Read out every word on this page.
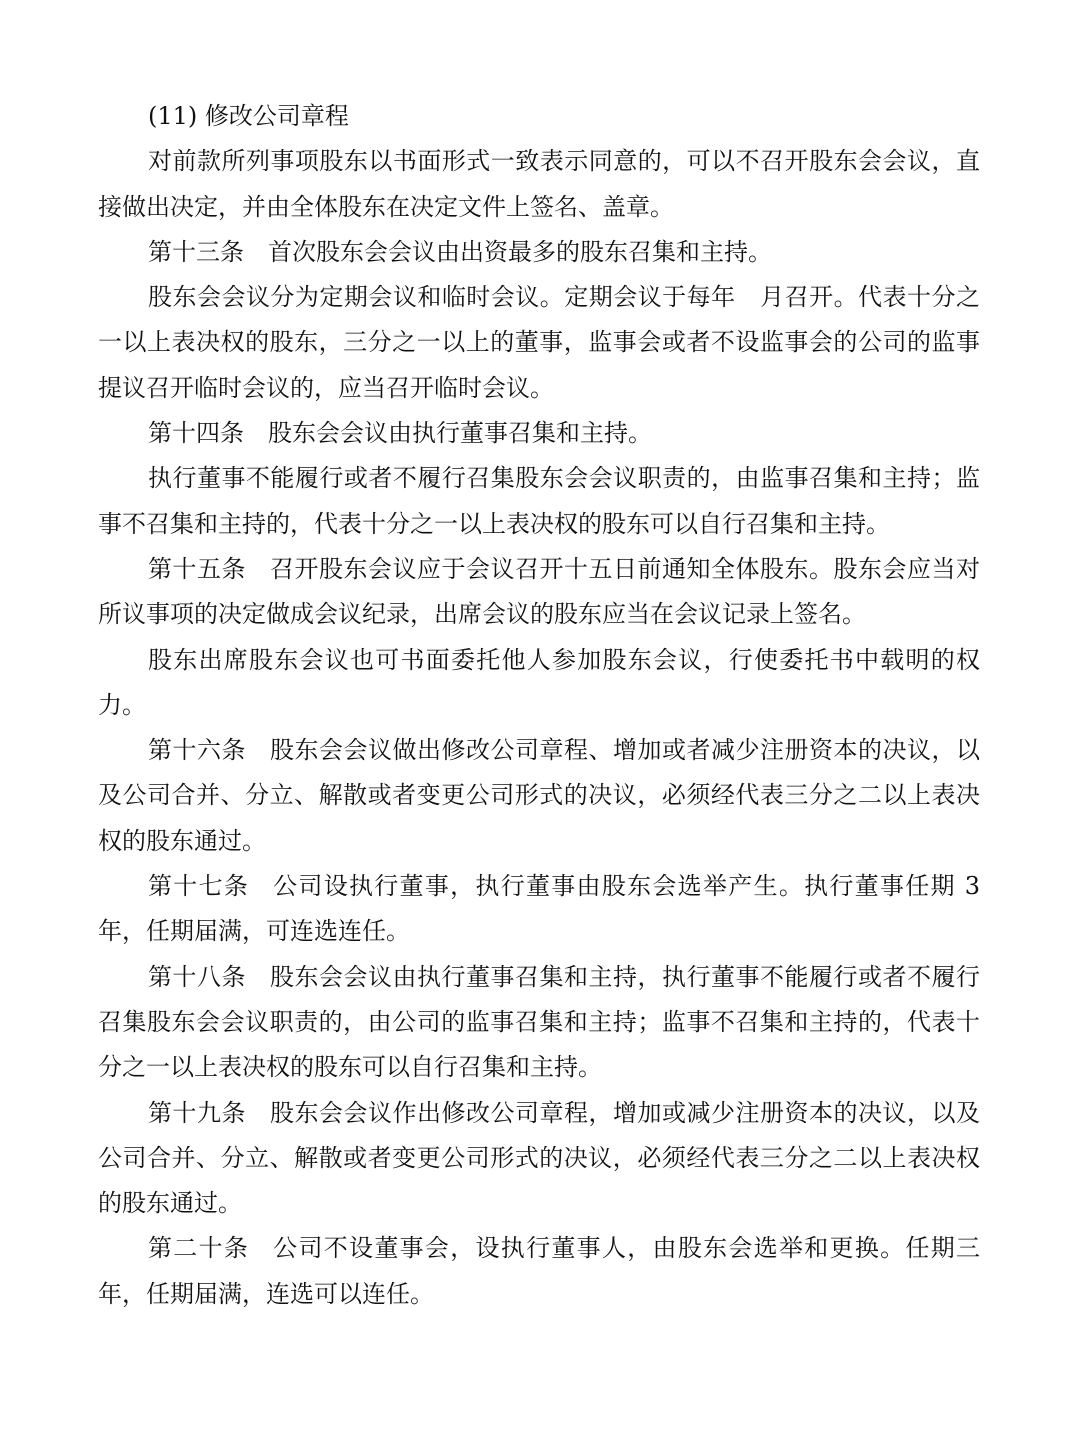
(11) 修改公司章程

对前款所列事项股东以书面形式一致表示同意的，可以不召开股东会会议，直接做出决定，并由全体股东在决定文件上签名、盖章。

第十三条 首次股东会会议由出资最多的股东召集和主持。

股东会会议分为定期会议和临时会议。定期会议于每年　月召开。代表十分之一以上表决权的股东，三分之一以上的董事，监事会或者不设监事会的公司的监事提议召开临时会议的，应当召开临时会议。

第十四条 股东会会议由执行董事召集和主持。

执行董事不能履行或者不履行召集股东会会议职责的，由监事召集和主持；监事不召集和主持的，代表十分之一以上表决权的股东可以自行召集和主持。

第十五条 召开股东会议应于会议召开十五日前通知全体股东。股东会应当对所议事项的决定做成会议纪录，出席会议的股东应当在会议记录上签名。

股东出席股东会议也可书面委托他人参加股东会议，行使委托书中载明的权力。

第十六条 股东会会议做出修改公司章程、增加或者减少注册资本的决议，以及公司合并、分立、解散或者变更公司形式的决议，必须经代表三分之二以上表决权的股东通过。

第十七条 公司设执行董事，执行董事由股东会选举产生。执行董事任期 3 年，任期届满，可连选连任。

第十八条 股东会会议由执行董事召集和主持，执行董事不能履行或者不履行召集股东会会议职责的，由公司的监事召集和主持；监事不召集和主持的，代表十分之一以上表决权的股东可以自行召集和主持。

第十九条 股东会会议作出修改公司章程，增加或减少注册资本的决议，以及公司合并、分立、解散或者变更公司形式的决议，必须经代表三分之二以上表决权的股东通过。

第二十条 公司不设董事会，设执行董事人，由股东会选举和更换。任期三年，任期届满，连选可以连任。
